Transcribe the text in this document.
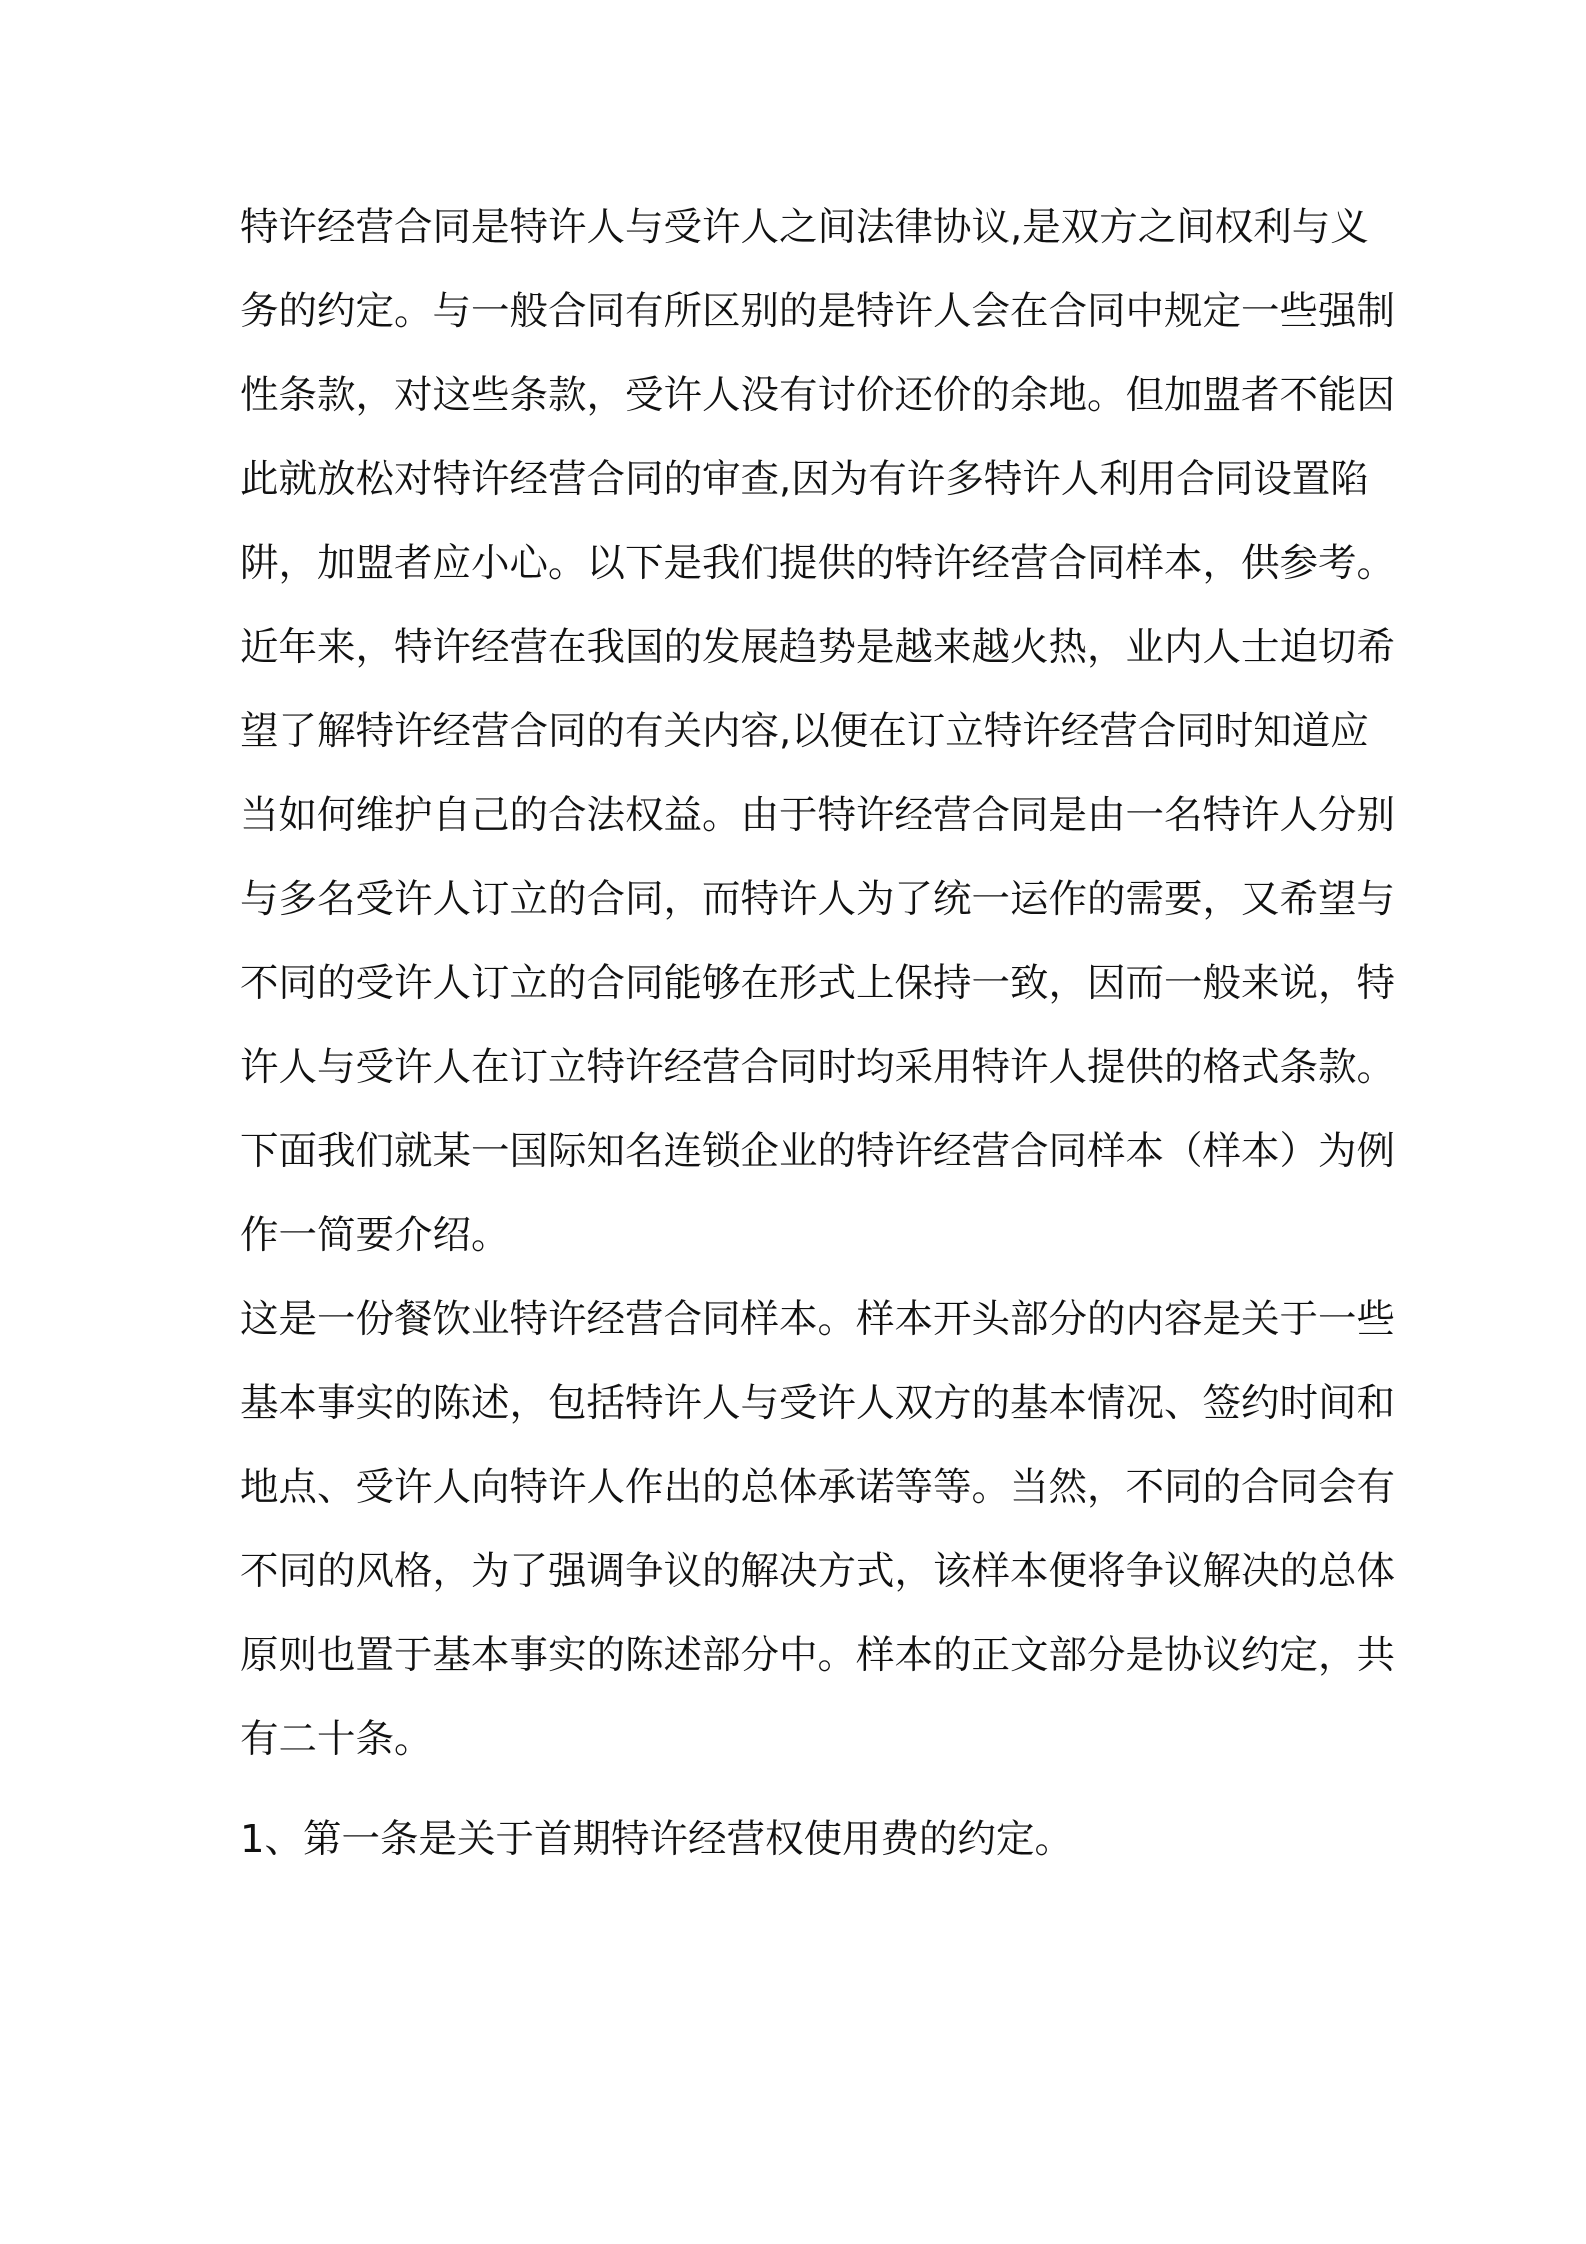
特许经营合同是特许人与受许人之间法律协议,是双方之间权利与义
务的约定。与一般合同有所区别的是特许人会在合同中规定一些强制
性条款，对这些条款，受许人没有讨价还价的余地。但加盟者不能因
此就放松对特许经营合同的审查,因为有许多特许人利用合同设置陷
阱，加盟者应小心。以下是我们提供的特许经营合同样本，供参考。
近年来，特许经营在我国的发展趋势是越来越火热，业内人士迫切希
望了解特许经营合同的有关内容,以便在订立特许经营合同时知道应
当如何维护自己的合法权益。由于特许经营合同是由一名特许人分别
与多名受许人订立的合同，而特许人为了统一运作的需要，又希望与
不同的受许人订立的合同能够在形式上保持一致，因而一般来说，特
许人与受许人在订立特许经营合同时均采用特许人提供的格式条款。
下面我们就某一国际知名连锁企业的特许经营合同样本（样本）为例
作一简要介绍。
这是一份餐饮业特许经营合同样本。样本开头部分的内容是关于一些
基本事实的陈述，包括特许人与受许人双方的基本情况、签约时间和
地点、受许人向特许人作出的总体承诺等等。当然，不同的合同会有
不同的风格，为了强调争议的解决方式，该样本便将争议解决的总体
原则也置于基本事实的陈述部分中。样本的正文部分是协议约定，共
有二十条。
1、第一条是关于首期特许经营权使用费的约定。
